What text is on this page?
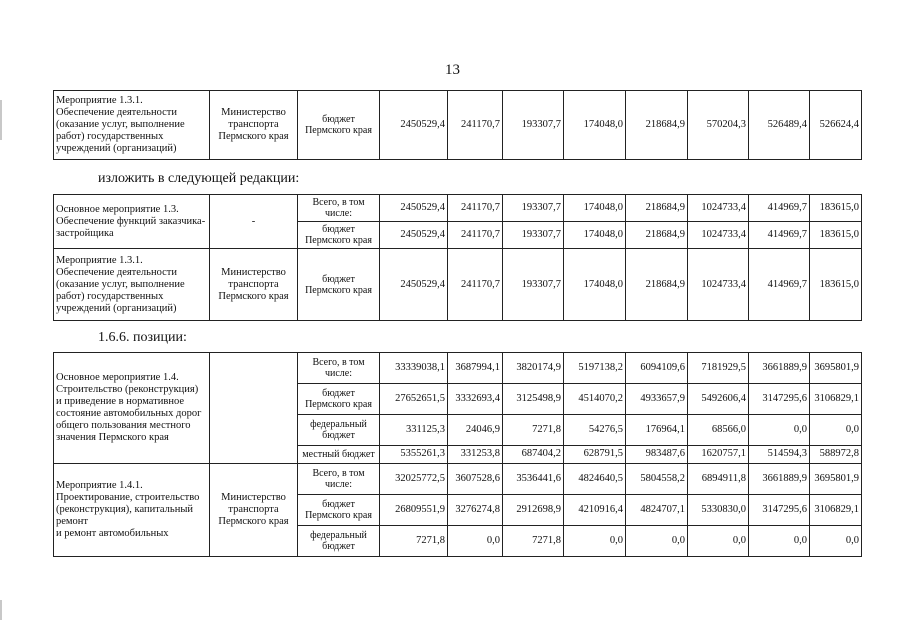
13
Мероприятие 1.3.1.
Обеспечение деятельности (оказание услуг, выполнение работ) государственных учреждений (организаций)	Министерство транспорта Пермского края	бюджет Пермского края	2450529,4	241170,7	193307,7	174048,0	218684,9	570204,3	526489,4	526624,4
изложить в следующей редакции:
Основное мероприятие 1.3.
Обеспечение функций заказчика-застройщика	-	Всего, в том числе:	2450529,4	241170,7	193307,7	174048,0	218684,9	1024733,4	414969,7	183615,0
		бюджет Пермского края	2450529,4	241170,7	193307,7	174048,0	218684,9	1024733,4	414969,7	183615,0
Мероприятие 1.3.1.
Обеспечение деятельности (оказание услуг, выполнение работ) государственных учреждений (организаций)	Министерство транспорта Пермского края	бюджет Пермского края	2450529,4	241170,7	193307,7	174048,0	218684,9	1024733,4	414969,7	183615,0
1.6.6. позиции:
Основное мероприятие 1.4.
Строительство (реконструкция)
и приведение в нормативное состояние автомобильных дорог общего пользования местного значения Пермского края		Всего, в том числе:	33339038,1	3687994,1	3820174,9	5197138,2	6094109,6	7181929,5	3661889,9	3695801,9
		бюджет Пермского края	27652651,5	3332693,4	3125498,9	4514070,2	4933657,9	5492606,4	3147295,6	3106829,1
		федеральный бюджет	331125,3	24046,9	7271,8	54276,5	176964,1	68566,0	0,0	0,0
		местный бюджет	5355261,3	331253,8	687404,2	628791,5	983487,6	1620757,1	514594,3	588972,8
Мероприятие 1.4.1.
Проектирование, строительство (реконструкция), капитальный ремонт
и ремонт автомобильных	Министерство транспорта Пермского края	Всего, в том числе:	32025772,5	3607528,6	3536441,6	4824640,5	5804558,2	6894911,8	3661889,9	3695801,9
		бюджет Пермского края	26809551,9	3276274,8	2912698,9	4210916,4	4824707,1	5330830,0	3147295,6	3106829,1
		федеральный бюджет	7271,8	0,0	7271,8	0,0	0,0	0,0	0,0	0,0
